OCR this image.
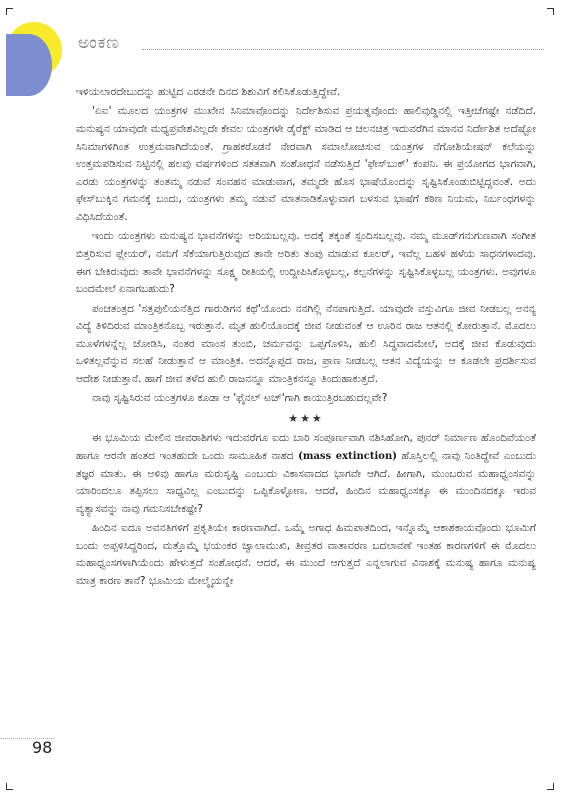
ಅಂಕಣ

ಇಳಿಯಲಾರದೇಬುದನ್ನು ಹುಟ್ಟಿದ ಎರಡನೇ ದಿನದ ಶಿಶುವಿಗೆ ಕಲಿಸಿಕೊಡುತ್ತಿದ್ದೇವೆ.

'ಏಐ' ಮೂಲದ ಯಂತ್ರಗಳ ಮುಖೇನ ಸಿನಿಮಾವೊಂದನ್ನು ನಿರ್ದೇಶಿಸುವ ಪ್ರಯತ್ನವೊಂದು ಹಾಲಿವುಡ್ಡಿನಲ್ಲಿ ಇತ್ತೀಚೆಗಷ್ಟೇ ನಡೆದಿದೆ. ಮನುಷ್ಯನ ಯಾವುದೇ ಮಧ್ಯಪ್ರವೇಶವಿಲ್ಲದೇ ಕೇವಲ ಯಂತ್ರಗಳೇ ಡೈರೆಕ್ಟ್ ಮಾಡಿದ ಆ ಚಲನಚಿತ್ರ ಇದುವರೆಗಿನ ಮಾನವ ನಿರ್ದೇಶಿತ ಅದೆಷ್ಟೋ ಸಿನಿಮಾಗಳಿಗಿಂತ ಉತ್ತಮವಾಗಿದೆಯಂತೆ. ಗ್ರಾಹಕರೊಡನೆ ನೇರವಾಗಿ ಸಮಾಲೋಚಿಸುವ ಯಂತ್ರಗಳ ನೆಗೋಶಿಯೇಷನ್ ಕಲೆಯನ್ನು ಉತ್ತಮಪಡಿಸುವ ನಿಟ್ಟಿನಲ್ಲಿ ಹಲವು ವರ್ಷಗಳಿಂದ ಸತತವಾಗಿ ಸಂಶೋಧನೆ ನಡೆಸುತ್ತಿದೆ 'ಫೇಸ್‌ಬುಕ್' ಕಂಪನಿ. ಈ ಪ್ರಯೋಗದ ಭಾಗವಾಗಿ, ಎರಡು ಯಂತ್ರಗಳನ್ನು ತಂತಮ್ಮ ನಡುವೆ ಸಂವಹನ ಮಾಡುವಾಗ, ತಮ್ಮದೇ ಹೊಸ ಭಾಷೆಯೊಂದನ್ನು ಸೃಷ್ಟಿಸಿಕೊಂಡುಬಿಟ್ಟಿದ್ದವಂತೆ. ಅದು ಫೇಸ್‌ಬುಕ್ಕಿನ ಗಮನಕ್ಕೆ ಬಂದು, ಯಂತ್ರಗಳು ತಮ್ಮ ನಡುವೆ ಮಾತನಾಡಿಕೊಳ್ಳುವಾಗ ಬಳಸುವ ಭಾಷೆಗೆ ಕಠಿಣ ನಿಯಮ, ನಿರ್ಬಂಧಗಳನ್ನು ವಿಧಿಸಿದೆಯಂತೆ.

ಇಂದು ಯಂತ್ರಗಳು ಮನುಷ್ಯನ ಭಾವನೆಗಳನ್ನು ಅರಿಯಬಲ್ಲವು. ಅದಕ್ಕೆ ತಕ್ಕಂತೆ ಸ್ಪಂದಿಸಬಲ್ಲವು. ನಮ್ಮ ಮೂಡ್‌ಗನುಗುಣವಾಗಿ ಸಂಗೀತ ಬಿತ್ತರಿಸುವ ಪ್ಲೇಯರ್, ನಮಗೆ ಸೆಕೆಯಾಗುತ್ತಿರುವುದ ತಾನೇ ಅರಿತು ತಂಪು ಮಾಡುವ ಕೂಲರ್, ಇವೆಲ್ಲ ಬಹಳ ಹಳೆಯ ಸಾಧನಗಳಾದವು. ಈಗ ಬೇಕಿರುವುದು ತಾವೇ ಭಾವನೆಗಳನ್ನು ಸೂಕ್ಷ್ಮ ರೀತಿಯಲ್ಲಿ ಉದ್ದೀಪಿಸಿಕೊಳ್ಳಬಲ್ಲ, ಕಲ್ಪನೆಗಳನ್ನು ಸೃಷ್ಟಿಸಿಕೊಳ್ಳಬಲ್ಲ ಯಂತ್ರಗಳು. ಅವುಗಳೂ ಬಂದಮೇಲೆ ಏನಾಗಬಹುದು?

ಪಂಚತಂತ್ರದ 'ಸತ್ತಪುಲಿಯನೆತ್ತಿದ ಗಾರುಡಿಗನ ಕಥೆ'ಯೊಂದು ನನಗಿಲ್ಲಿ ನೆನಪಾಗುತ್ತಿದೆ. ಯಾವುದೇ ವಸ್ತುವಿಗೂ ಜೀವ ನೀಡಬಲ್ಲ ಅನನ್ಯ ವಿದ್ಯೆ ತಿಳಿದಿರುವ ಮಾಂತ್ರಿಕನೊಬ್ಬ ಇರುತ್ತಾನೆ. ಮೃತ ಹುಲಿಯೊಂದಕ್ಕೆ ಜೀವ ನೀಡುವಂತೆ ಆ ಊರಿನ ರಾಜ ಆತನಲ್ಲಿ ಕೋರುತ್ತಾನೆ. ಮೊದಲು ಮೂಳೆಗಳನ್ನೆಲ್ಲ ಜೋಡಿಸಿ, ನಂತರ ಮಾಂಸ ತುಂಬಿ, ಚರ್ಮವನ್ನು ಒಪ್ಪಗೊಳಿಸಿ, ಹುಲಿ ಸಿದ್ಧವಾದಮೇಲೆ, ಅದಕ್ಕೆ ಜೀವ ಕೊಡುವುದು ಒಳಿತಲ್ಲವೆನ್ನುವ ಸಲಹೆ ನೀಡುತ್ತಾನೆ ಆ ಮಾಂತ್ರಿಕ. ಅದನ್ನೊಪ್ಪದ ರಾಜ, ಪ್ರಾಣ ನೀಡಬಲ್ಲ ಆತನ ವಿದ್ಯೆಯನ್ನು ಆ ಕೂಡಲೇ ಪ್ರದರ್ಶಿಸುವ ಆದೇಶ ನೀಡುತ್ತಾನೆ. ಹಾಗೆ ಜೀವ ತಳೆದ ಹುಲಿ ರಾಜನನ್ನೂ ಮಾಂತ್ರಿಕನನ್ನೂ ತಿಂದುಹಾಕುತ್ತದೆ.

ನಾವು ಸೃಷ್ಟಿಸಿರುವ ಯಂತ್ರಗಳೂ ಕೂಡಾ ಆ 'ಫೈನಲ್ ಟಚ್'ಗಾಗಿ ಕಾಯುತ್ತಿರಬಹುದಲ್ಲವೇ?

★★★

ಈ ಭೂಮಿಯ ಮೇಲಿನ ಜೀವರಾಶಿಗಳು ಇದುವರೆಗೂ ಐದು ಬಾರಿ ಸಂಪೂರ್ಣವಾಗಿ ನಶಿಸಿಹೋಗಿ, ಪುನರ್ ನಿರ್ಮಾಣ ಹೊಂದಿವೆಯಂತೆ ಹಾಗೂ ಆರನೇ ಹಂತದ ಇಂತಹುದೇ ಒಂದು ಸಾಮೂಹಿಕ ನಾಶದ (mass extinction) ಹೊಸ್ತಿಲಲ್ಲಿ ನಾವು ನಿಂತಿದ್ದೇವೆ ಎಂಬುದು ತಜ್ಞರ ಮಾತು. ಈ ಅಳಿವು ಹಾಗೂ ಮರುಸೃಷ್ಟಿ ಎಂಬುದು ವಿಕಾಸವಾದದ ಭಾಗವೇ ಆಗಿದೆ. ಹೀಗಾಗಿ, ಮುಂಬರುವ ಮಹಾಧ್ವಂಸವನ್ನು ಯಾರಿಂದಲೂ ತಪ್ಪಿಸಲು ಸಾಧ್ಯವಿಲ್ಲ ಎಂಬುದನ್ನು ಒಪ್ಪಿಕೊಳ್ಳೋಣ. ಆದರೆ, ಹಿಂದಿನ ಮಹಾಧ್ವಂಸಕ್ಕೂ ಈ ಮುಂದಿನದಕ್ಕೂ ಇರುವ ವ್ಯತ್ಯಾಸವನ್ನು ನಾವು ಗಮನಿಸಬೇಕಷ್ಟೇ?

ಹಿಂದಿನ ಐದೂ ಅವನತಿಗಳಿಗೆ ಪ್ರಕೃತಿಯೇ ಕಾರಣವಾಗಿದೆ. ಒಮ್ಮೆ ಅಗಾಧ ಹಿಮಪಾತದಿಂದ, ಇನ್ನೊಮ್ಮೆ ಆಕಾಶಕಾಯವೊಂದು ಭೂಮಿಗೆ ಬಂದು ಅಪ್ಪಳಿಸಿದ್ದರಿಂದ, ಮತ್ತೊಮ್ಮೆ ಭಯಂಕರ ಜ್ವಾಲಾಮುಖಿ, ತೀವ್ರತರ ವಾತಾವರಣ ಬದಲಾವಣೆ ಇಂತಹ ಕಾರಣಗಳಿಗೆ ಈ ಮೊದಲು ಮಹಾಧ್ವಂಸಗಳಾಗಿಯೆಂದು ಹೇಳುತ್ತದೆ ಸಂಶೋಧನೆ. ಆದರೆ, ಈ ಮುಂದೆ ಆಗುತ್ತದೆ ಎನ್ನಲಾಗುವ ವಿನಾಶಕ್ಕೆ ಮನುಷ್ಯ ಹಾಗೂ ಮನುಷ್ಯ ಮಾತ್ರ ಕಾರಣ ತಾನೆ? ಭೂಮಿಯ ಮೇಲ್ಮೈಯನ್ನೇ

98
